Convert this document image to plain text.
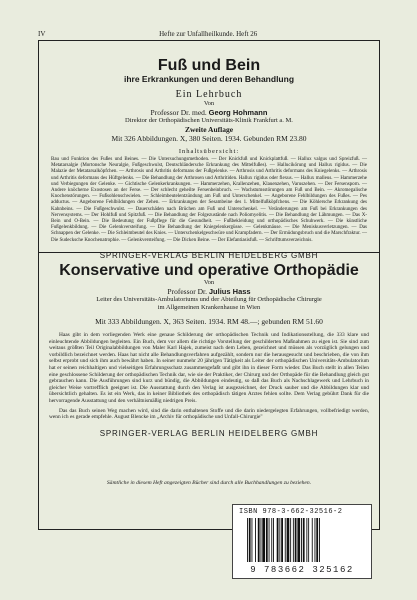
IV	Hefte zur Unfallheilkunde. Heft 26
Fuß und Bein
ihre Erkrankungen und deren Behandlung
Ein Lehrbuch
Von
Professor Dr. med. Georg Hohmann
Direktor der Orthopädischen Universitäts-Klinik Frankfurt a. M.
Zweite Auflage
Mit 326 Abbildungen. X, 380 Seiten. 1934. Gebunden RM 23.80
Inhaltsübersicht:
Bau und Funktion des Fußes und Beines. — Die Untersuchungsmethoden. — Der Knickfuß und Knickplattfuß. — Hallux valgus und Spreizfuß. — Metatarsalgie (Mortonsche Neuralgie, Fußgeschwulst, Deutschländersche Erkrankung des Mittelfußes). — Hallucikörung und Hallux rigidus. — Die Malazie der Metatarsalköpfchen. — Arthrosis und Arthritis deformans der Fußgelenke. — Arthrosis und Arthritis deformans des Kniegelenks. — Arthrosis und Arthritis deformans des Hüftgelenks. — Die Behandlung der Arthrosen und Arthritiden. Hallux rigidus oder flexus. — Hallux malleus. — Hammerzehe und Verbiegungen der Gelenke. — Gichtische Gelenkerkrankungen. — Hammerzehen, Krallenzehen, Klauenzehen, Varuszehen. — Der Fersensporn. — Andere knöcherne Exostosen an der Ferse. — Der schlecht geheilte Fersenbeinbruch. — Wachstumsstörungen am Fuß und Bein. — Akromegalische Knochenstörungen. — Fußsohlenschwielen. — Schleimbeutelentzündung am Fuß und Unterschenkel. — Angeborene Fehlbildungen des Fußes. — Pes adductus. — Angeborene Fehlbildungen der Zehen. — Erkrankungen der Sesambeine des 1. Mittelfußköpfchens. — Die Köhlersche Erkrankung des Kahnbeins. — Die Fußgeschwulst. — Dauerschäden nach Brüchen am Fuß und Unterschenkel. — Veränderungen am Fuß bei Erkrankungen des Nervensystems. — Der Hohlfuß und Spitzfuß. — Die Behandlung der Folgezustände nach Poliomyelitis. — Die Behandlung der Lähmungen. — Das X-Bein und O-Bein. — Die Bedeutung der Fußpflege für die Gesundheit. — Fußbekleidung und orthopädisches Schuhwerk. — Die künstliche Fußgelenkbildung. — Die Gelenkversteifung. — Die Behandlung der Kniegelenkergüsse. — Gelenkmäuse. — Die Meniskusverletzungen. — Das Schnappen der Gelenke. — Die Schleimbeutel des Knies. — Unterschenkelgeschwüre und Krampfadern. — Der Ermüdungsbruch und die Marschfraktur. — Die Sudecksche Knochenatrophie. — Gelenkversteifung. — Die Dicken Beine. — Der Elefantiasisfuß. — Schrifttumsverzeichnis.
SPRINGER-VERLAG BERLIN HEIDELBERG GMBH
Konservative und operative Orthopädie
Von
Professor Dr. Julius Hass
Leiter des Universitäts-Ambulatoriums und der Abteilung für Orthopädische Chirurgie
im Allgemeinen Krankenhause in Wien
Mit 333 Abbildungen. X, 363 Seiten. 1934. RM 48.—; gebunden RM 51.60
Haas gibt in dem vorliegenden Werk eine genaue Schilderung der orthopädischen Technik und Indikationsstellung, die 333 klare und einleuchtende Abbildungen begleiten. Ein Buch, dem vor allem die richtige Vorstellung der geschilderten Maßnahmen zu eigen ist. Sie sind zum weitaus größten Teil Originalabbildungen von Maler Karl Hajek, zumeist nach dem Leben, gezeichnet und müssen als vorzüglich gelungen und vorbildlich bezeichnet werden. Haas hat nicht alle Behandlungsverfahren aufgezählt, sondern nur die herausgesucht und beschrieben, die von ihm selbst erprobt und sich ihm auch bewährt haben. In seiner nunmehr 20 jährigen Tätigkeit als Leiter der orthopädischen Universitäts-Ambulatorium hat er seinen reichhaltigen und vielseitigen Erfahrungsschatz zusammengefaßt und gibt ihn in dieser Form wieder. Das Buch stellt in allen Teilen eine geschlossene Schilderung der orthopädischen Technik dar, wie sie der Praktiker, der Chirurg und der Orthopäde für die Behandlung gleich gut gebrauchen kann. Die Ausführungen sind kurz und bündig, die Abbildungen eindeutig, so daß das Buch als Nachschlagewerk und Lehrbuch in gleicher Weise vortrefflich geeignet ist. Die Ausstattung durch den Verlag ist ausgezeichnet, der Druck sauber und die Abbildungen klar und übersichtlich gehalten. Es ist ein Werk, das in keiner Bibliothek des orthopädisch tätigen Arztes fehlen sollte. Dem Verlag gebührt Dank für die hervorragende Ausstattung und den verhältnismäßig niedrigen Preis.
Das das Buch seinen Weg machen wird, sind die darin enthaltenen Stoffe und die darin niedergelegten Erfahrungen, vollbefriedigt werden, wenn ich es gerade empfehle. August Blencke im „Archiv für orthopädische und Unfall-Chirurgie"
SPRINGER-VERLAG BERLIN HEIDELBERG GMBH
Sämtliche in diesem Heft angezeigten Bücher sind durch alle Buchhandlungen zu beziehen.
ISBN 978-3-662-32516-2
9 783662 325162
